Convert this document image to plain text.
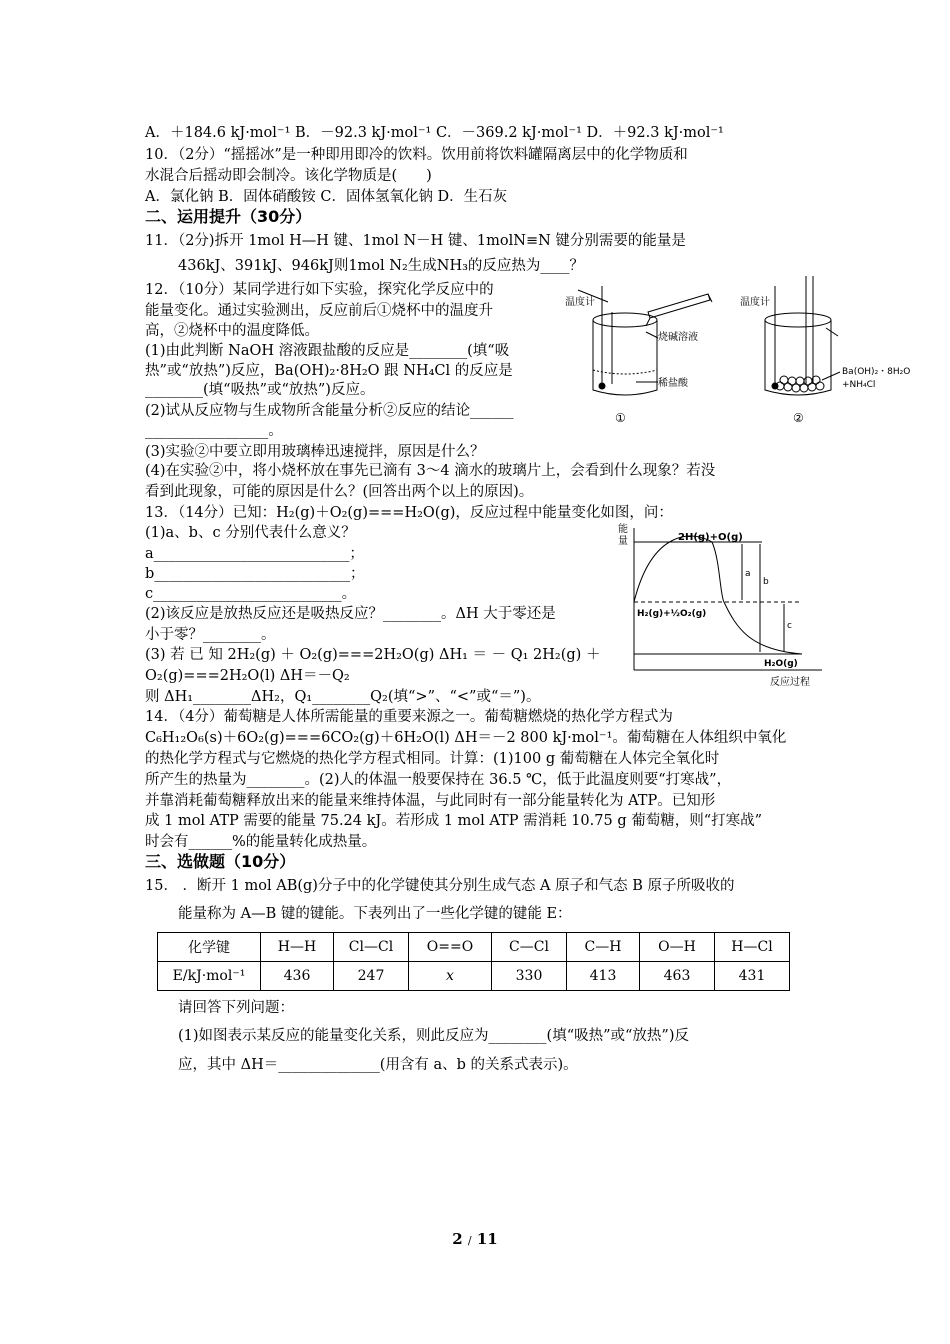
A．＋184.6 kJ·mol⁻¹ B．－92.3 kJ·mol⁻¹ C．－369.2 kJ·mol⁻¹ D．＋92.3 kJ·mol⁻¹
10．（2分）“摇摇冰”是一种即用即冷的饮料。饮用前将饮料罐隔离层中的化学物质和
水混合后摇动即会制冷。该化学物质是(　　)
A．氯化钠 B．固体硝酸铵 C．固体氢氧化钠 D．生石灰
二、运用提升（30分）
11．（2分)拆开 1mol H—H 键、1mol N－H 键、1molN≡N 键分别需要的能量是
436kJ、391kJ、946kJ则1mol N₂生成NH₃的反应热为____？
12．（10分）某同学进行如下实验，探究化学反应中的
能量变化。通过实验测出，反应前后①烧杯中的温度升
高，②烧杯中的温度降低。
(1)由此判断 NaOH 溶液跟盐酸的反应是________(填“吸
热”或“放热”)反应，Ba(OH)₂·8H₂O 跟 NH₄Cl 的反应是
________(填“吸热”或“放热”)反应。
(2)试从反应物与生成物所含能量分析②反应的结论______
_________________。
(3)实验②中要立即用玻璃棒迅速搅拌，原因是什么？
(4)在实验②中，将小烧杯放在事先已滴有 3～4 滴水的玻璃片上，会看到什么现象？若没
看到此现象，可能的原因是什么？(回答出两个以上的原因)。
13．（14分）已知：H₂(g)＋O₂(g)===H₂O(g)，反应过程中能量变化如图，问：
(1)a、b、c 分别代表什么意义？
a___________________________；
b___________________________；
c__________________________。
(2)该反应是放热反应还是吸热反应？________。ΔH 大于零还是
小于零？________。
(3) 若 已 知 2H₂(g) ＋ O₂(g)===2H₂O(g) ΔH₁ ＝ － Q₁ 2H₂(g) ＋
O₂(g)===2H₂O(l) ΔH＝－Q₂
则 ΔH₁________ΔH₂，Q₁________Q₂(填“>”、“<”或“＝”)。
14．（4分）葡萄糖是人体所需能量的重要来源之一。葡萄糖燃烧的热化学方程式为
C₆H₁₂O₆(s)＋6O₂(g)===6CO₂(g)＋6H₂O(l) ΔH＝－2 800 kJ·mol⁻¹。葡萄糖在人体组织中氧化
的热化学方程式与它燃烧的热化学方程式相同。计算：(1)100 g 葡萄糖在人体完全氧化时
所产生的热量为________。(2)人的体温一般要保持在 36.5 ℃，低于此温度则要“打寒战”，
并靠消耗葡萄糖释放出来的能量来维持体温，与此同时有一部分能量转化为 ATP。已知形
成 1 mol ATP 需要的能量 75.24 kJ。若形成 1 mol ATP 需消耗 10.75 g 葡萄糖，则“打寒战”
时会有______%的能量转化成热量。
三、选做题（10分）
15． ．断开 1 mol AB(g)分子中的化学键使其分别生成气态 A 原子和气态 B 原子所吸收的
能量称为 A—B 键的键能。下表列出了一些化学键的键能 E：
化学键	H—H	Cl—Cl	O==O	C—Cl	C—H	O—H	H—Cl
E/kJ·mol⁻¹	436	247	x	330	413	463	431
请回答下列问题：
(1)如图表示某反应的能量变化关系，则此反应为________(填“吸热”或“放热”)反
应，其中 ΔH＝______________(用含有 a、b 的关系式表示)。
温度计
烧碱溶液
稀盐酸
①
温度计
Ba(OH)₂・8H₂O
+NH₄Cl
②
能
量	2H(g)+O(g)
H₂(g)+½O₂(g)
H₂O(g)
a
b
c
反应过程
2 / 11
